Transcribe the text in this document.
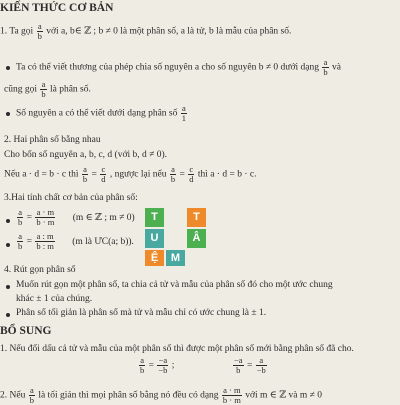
KIẾN THỨC CƠ BẢN
1. Ta gọi $\frac{a}{b}$ với a, b∈ ℤ ; b ≠ 0 là một phân số, a là tử, b là mẫu của phân số.
Ta có thể viết thương của phép chia số nguyên a cho số nguyên b ≠ 0 dưới dạng $\frac{a}{b}$ và
cũng gọi $\frac{a}{b}$ là phân số.
Số nguyên a có thể viết dưới dạng phân số $\frac{a}{1}$
2. Hai phân số bằng nhau
Cho bốn số nguyên a, b, c, d (với b, d ≠ 0).
Nếu a · d = b · c thì $\frac{a}{b} = \frac{c}{d}$ , ngược lại nếu $\frac{a}{b} = \frac{c}{d}$ thì a · d = b · c.
3.Hai tính chất cơ bản của phân số:
$\frac{a}{b} = \frac{a \cdot m}{b \cdot m} (m$ ∈ ℤ ; m ≠ 0)
$\frac{a}{b} = \frac{a : m}{b : m} (m$ là ƯC(a; b)).
T	T
U	Â
Ệ	M
4. Rút gọn phân số
Muốn rút gọn một phân số, ta chia cả tử và mẫu của phân số đó cho một ước chung
khác ± 1 của chúng.
Phân số tối giản là phân số mà tử và mẫu chỉ có ước chung là ± 1.
BỔ SUNG
1. Nếu đổi dấu cả tử và mẫu của một phân số thì được một phân số mới bằng phân số đã cho.
$\frac{a}{b} = \frac{-a}{-b}$ ;	$\frac{-a}{b} = \frac{a}{-b}$
2. Nếu $\frac{a}{b}$ là tối giản thì mọi phân số bằng nó đều có dạng $\frac{a \cdot m}{b \cdot m}$ với m ∈ ℤ và m ≠ 0
